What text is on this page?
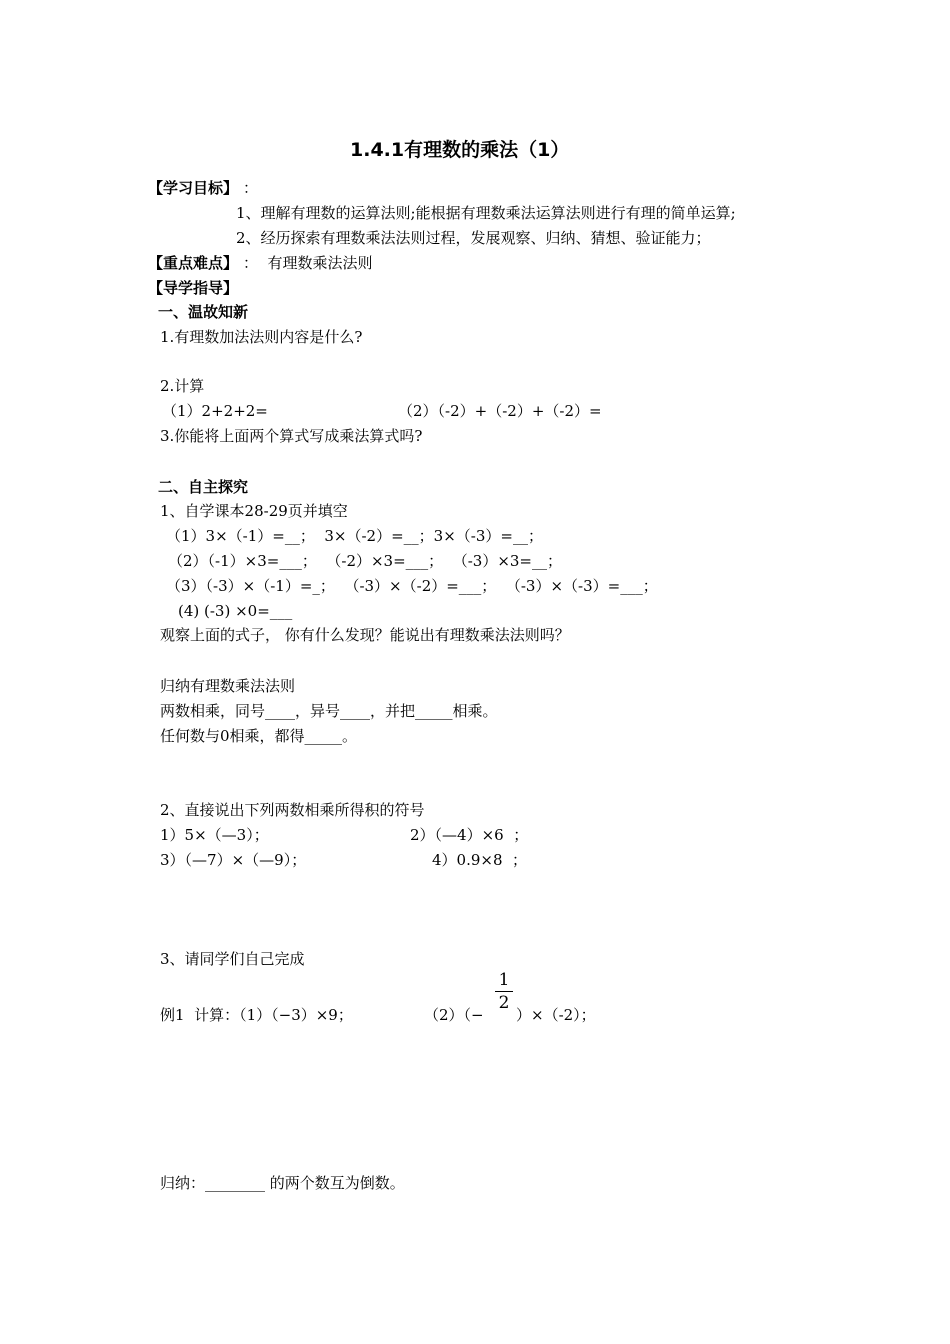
1.4.1有理数的乘法（1）
【学习目标】 ：
1、理解有理数的运算法则;能根据有理数乘法运算法则进行有理的简单运算;
2、经历探索有理数乘法法则过程，发展观察、归纳、猜想、验证能力；
【重点难点】 ：  有理数乘法法则
【导学指导】
一、温故知新
1.有理数加法法则内容是什么?
2.计算
（1）2+2+2=	（2）（-2）+（-2）+（-2）=
3.你能将上面两个算式写成乘法算式吗?
二、自主探究
1、自学课本28-29页并填空
（1）3×（-1）=__；  3×（-2）=__；3×（-3）=__；
（2）（-1）×3=___；  （-2）×3=___；  （-3）×3=__；
（3）（-3）×（-1）=_；  （-3）×（-2）=___；  （-3）×（-3）=___；
(4) (-3) ×0=___
观察上面的式子， 你有什么发现？能说出有理数乘法法则吗？
归纳有理数乘法法则
两数相乘，同号____，异号____，并把_____相乘。
任何数与0相乘，都得_____。
2、直接说出下列两数相乘所得积的符号
1）5×（—3）；	2）（—4）×6  ；
3）（—7）×（—9）；	4）0.9×8  ；
3、请同学们自己完成
例1  计算：（1）（−3）×9；	（2）（−
1
2
）×（-2）；
归纳：________ 的两个数互为倒数。
